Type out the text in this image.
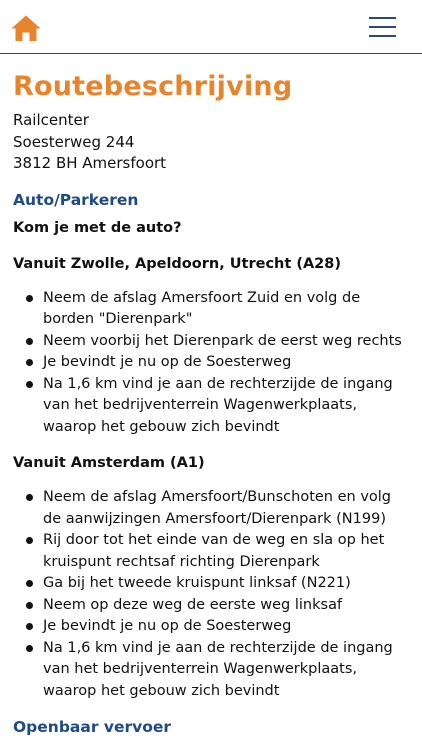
Routebeschrijving
Railcenter
Soesterweg 244
3812 BH Amersfoort
Auto/Parkeren
Kom je met de auto?
Vanuit Zwolle, Apeldoorn, Utrecht (A28)
Neem de afslag Amersfoort Zuid en volg de borden "Dierenpark"
Neem voorbij het Dierenpark de eerst weg rechts
Je bevindt je nu op de Soesterweg
Na 1,6 km vind je aan de rechterzijde de ingang van het bedrijventerrein Wagenwerkplaats, waarop het gebouw zich bevindt
Vanuit Amsterdam (A1)
Neem de afslag Amersfoort/Bunschoten en volg de aanwijzingen Amersfoort/Dierenpark (N199)
Rij door tot het einde van de weg en sla op het kruispunt rechtsaf richting Dierenpark
Ga bij het tweede kruispunt linksaf (N221)
Neem op deze weg de eerste weg linksaf
Je bevindt je nu op de Soesterweg
Na 1,6 km vind je aan de rechterzijde de ingang van het bedrijventerrein Wagenwerkplaats, waarop het gebouw zich bevindt
Openbaar vervoer
